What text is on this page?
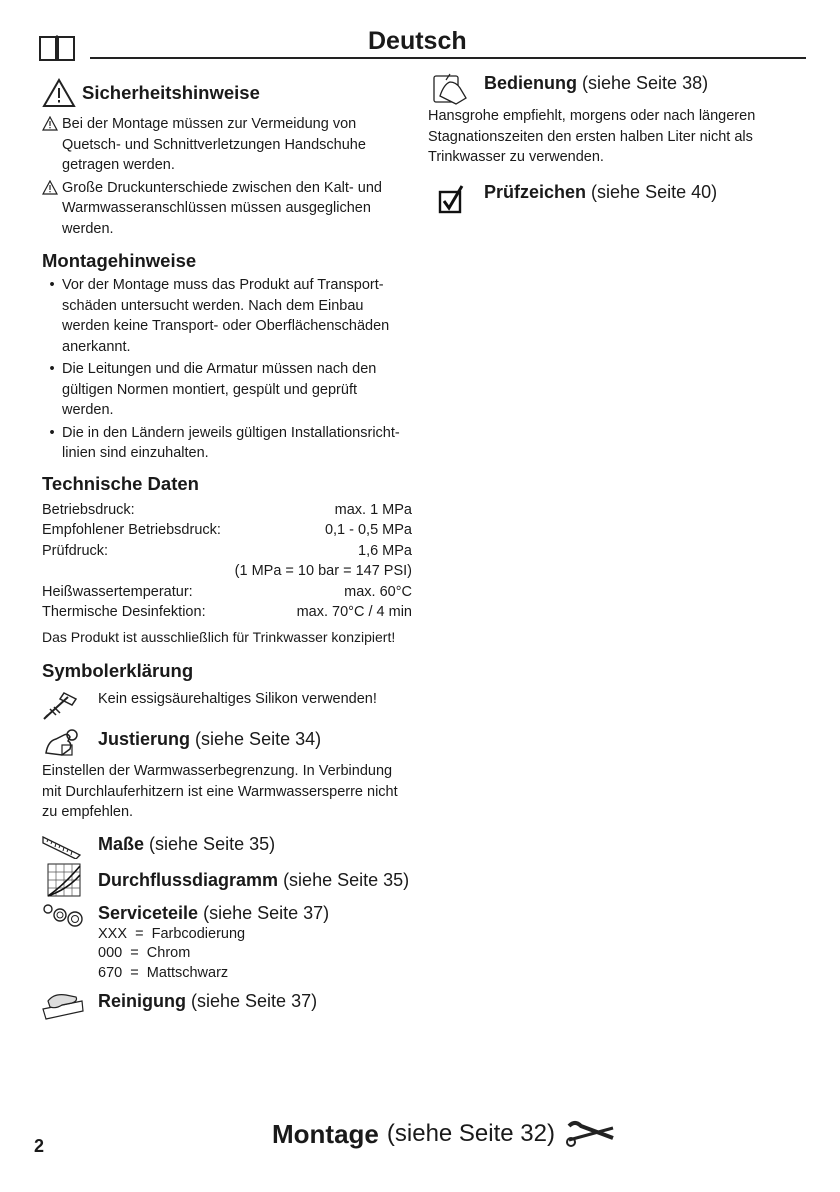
Deutsch
Sicherheitshinweise
Bei der Montage müssen zur Vermeidung von Quetsch- und Schnittverletzungen Handschuhe getragen werden.
Große Druckunterschiede zwischen den Kalt- und Warmwasseranschlüssen müssen ausgeglichen werden.
Montagehinweise
• Vor der Montage muss das Produkt auf Transport-schäden untersucht werden. Nach dem Einbau werden keine Transport- oder Oberflächenschäden anerkannt.
• Die Leitungen und die Armatur müssen nach den gültigen Normen montiert, gespült und geprüft werden.
• Die in den Ländern jeweils gültigen Installationsricht-linien sind einzuhalten.
Technische Daten
Betriebsdruck:	max. 1 MPa
Empfohlener Betriebsdruck:	0,1 - 0,5 MPa
Prüfdruck:	1,6 MPa
(1 MPa = 10 bar = 147 PSI)
Heißwassertemperatur:	max. 60°C
Thermische Desinfektion:	max. 70°C / 4 min
Das Produkt ist ausschließlich für Trinkwasser konzipiert!
Symbolerklärung
Kein essigsäurehaltiges Silikon verwenden!
Justierung (siehe Seite 34)
Einstellen der Warmwasserbegrenzung. In Verbindung mit Durchlauferhitzern ist eine Warmwassersperre nicht zu empfehlen.
Maße (siehe Seite 35)
Durchflussdiagramm (siehe Seite 35)
Serviceteile (siehe Seite 37)
XXX = Farbcodierung
000 = Chrom
670 = Mattschwarz
Reinigung (siehe Seite 37)
Bedienung (siehe Seite 38)
Hansgrohe empfiehlt, morgens oder nach längeren Stagnationszeiten den ersten halben Liter nicht als Trinkwasser zu verwenden.
Prüfzeichen (siehe Seite 40)
2	Montage (siehe Seite 32)
